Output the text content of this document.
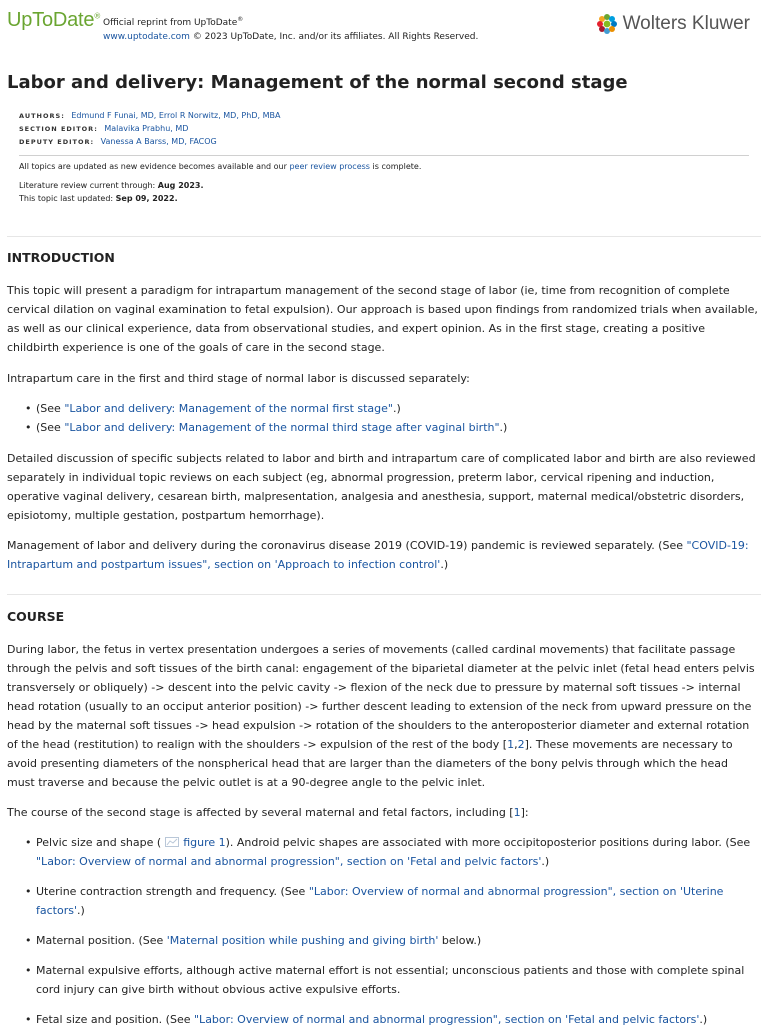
UpToDate®
Official reprint from UpToDate®
www.uptodate.com © 2023 UpToDate, Inc. and/or its affiliates. All Rights Reserved.
Wolters Kluwer
Labor and delivery: Management of the normal second stage
AUTHORS: Edmund F Funai, MD, Errol R Norwitz, MD, PhD, MBA
SECTION EDITOR: Malavika Prabhu, MD
DEPUTY EDITOR: Vanessa A Barss, MD, FACOG
All topics are updated as new evidence becomes available and our peer review process is complete.
Literature review current through: Aug 2023.
This topic last updated: Sep 09, 2022.
INTRODUCTION

This topic will present a paradigm for intrapartum management of the second stage of labor (ie, time from recognition of complete cervical dilation on vaginal examination to fetal expulsion). Our approach is based upon findings from randomized trials when available, as well as our clinical experience, data from observational studies, and expert opinion. As in the first stage, creating a positive childbirth experience is one of the goals of care in the second stage.

Intrapartum care in the first and third stage of normal labor is discussed separately:

• (See "Labor and delivery: Management of the normal first stage".)
• (See "Labor and delivery: Management of the normal third stage after vaginal birth".)

Detailed discussion of specific subjects related to labor and birth and intrapartum care of complicated labor and birth are also reviewed separately in individual topic reviews on each subject (eg, abnormal progression, preterm labor, cervical ripening and induction, operative vaginal delivery, cesarean birth, malpresentation, analgesia and anesthesia, support, maternal medical/obstetric disorders, episiotomy, multiple gestation, postpartum hemorrhage).

Management of labor and delivery during the coronavirus disease 2019 (COVID-19) pandemic is reviewed separately. (See "COVID-19: Intrapartum and postpartum issues", section on 'Approach to infection control'.)

COURSE

During labor, the fetus in vertex presentation undergoes a series of movements (called cardinal movements) that facilitate passage through the pelvis and soft tissues of the birth canal: engagement of the biparietal diameter at the pelvic inlet (fetal head enters pelvis transversely or obliquely) -> descent into the pelvic cavity -> flexion of the neck due to pressure by maternal soft tissues -> internal head rotation (usually to an occiput anterior position) -> further descent leading to extension of the neck from upward pressure on the head by the maternal soft tissues -> head expulsion -> rotation of the shoulders to the anteroposterior diameter and external rotation of the head (restitution) to realign with the shoulders -> expulsion of the rest of the body [1,2]. These movements are necessary to avoid presenting diameters of the nonspherical head that are larger than the diameters of the bony pelvis through which the head must traverse and because the pelvic outlet is at a 90-degree angle to the pelvic inlet.

The course of the second stage is affected by several maternal and fetal factors, including [1]:

• Pelvic size and shape ( figure 1). Android pelvic shapes are associated with more occipitoposterior positions during labor. (See "Labor: Overview of normal and abnormal progression", section on 'Fetal and pelvic factors'.)
• Uterine contraction strength and frequency. (See "Labor: Overview of normal and abnormal progression", section on 'Uterine factors'.)
• Maternal position. (See 'Maternal position while pushing and giving birth' below.)
• Maternal expulsive efforts, although active maternal effort is not essential; unconscious patients and those with complete spinal cord injury can give birth without obvious active expulsive efforts.
• Fetal size and position. (See "Labor: Overview of normal and abnormal progression", section on 'Fetal and pelvic factors'.)
